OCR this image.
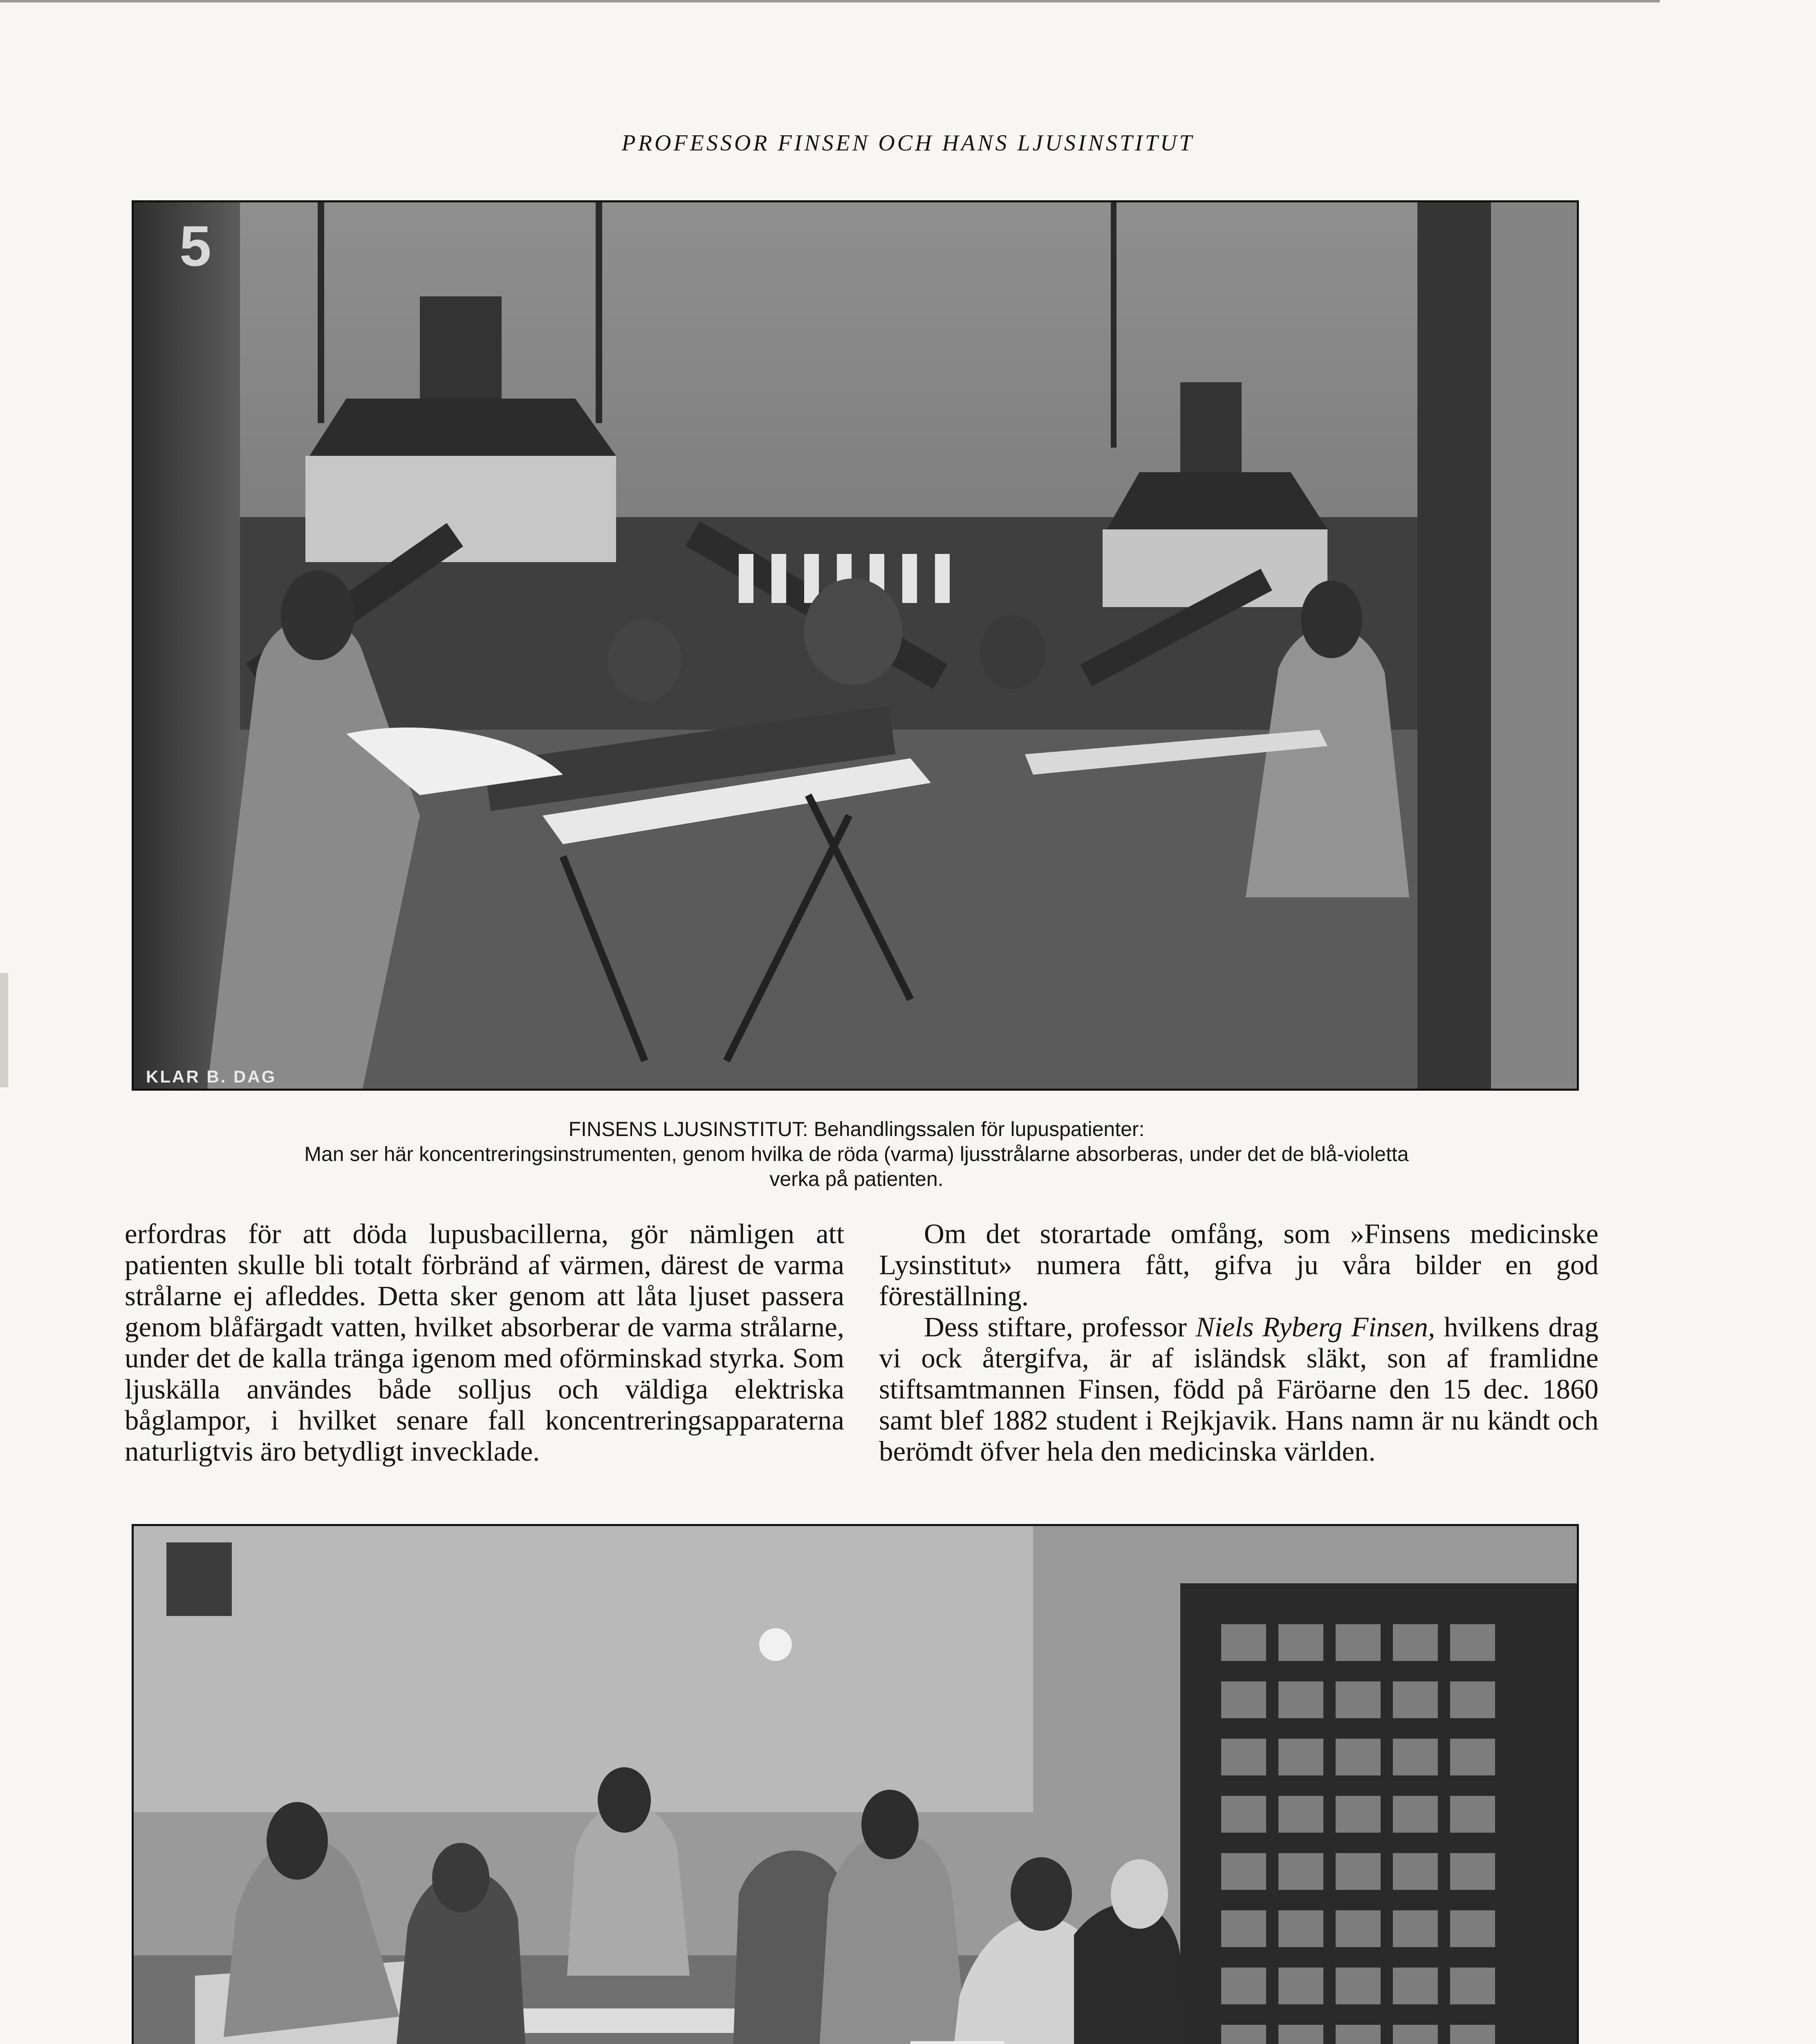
PROFESSOR FINSEN OCH HANS LJUSINSTITUT
5
KLAR B. DAG
FINSENS LJUSINSTITUT: Behandlingssalen för lupuspatienter:
Man ser här koncentreringsinstrumenten, genom hvilka de röda (varma) ljusstrålarne absorberas, under det de blå-violetta
verka på patienten.

erfordras för att döda lupusbacillerna, gör nämligen att patienten skulle bli totalt förbränd af värmen, därest de varma strålarne ej afleddes. Detta sker genom att låta ljuset passera genom blåfärgadt vatten, hvilket absorberar de varma strålarne, under det de kalla tränga igenom med oförminskad styrka. Som ljuskälla användes både solljus och väldiga elektriska båglampor, i hvilket senare fall koncentreringsapparaterna naturligtvis äro betydligt invecklade.

Om det storartade omfång, som »Finsens medicinske Lysinstitut» numera fått, gifva ju våra bilder en god föreställning.

Dess stiftare, professor Niels Ryberg Finsen, hvilkens drag vi ock återgifva, är af isländsk släkt, son af framlidne stiftsamtmannen Finsen, född på Färöarne den 15 dec. 1860 samt blef 1882 student i Rejkjavik. Hans namn är nu kändt och berömdt öfver hela den medicinska världen.
